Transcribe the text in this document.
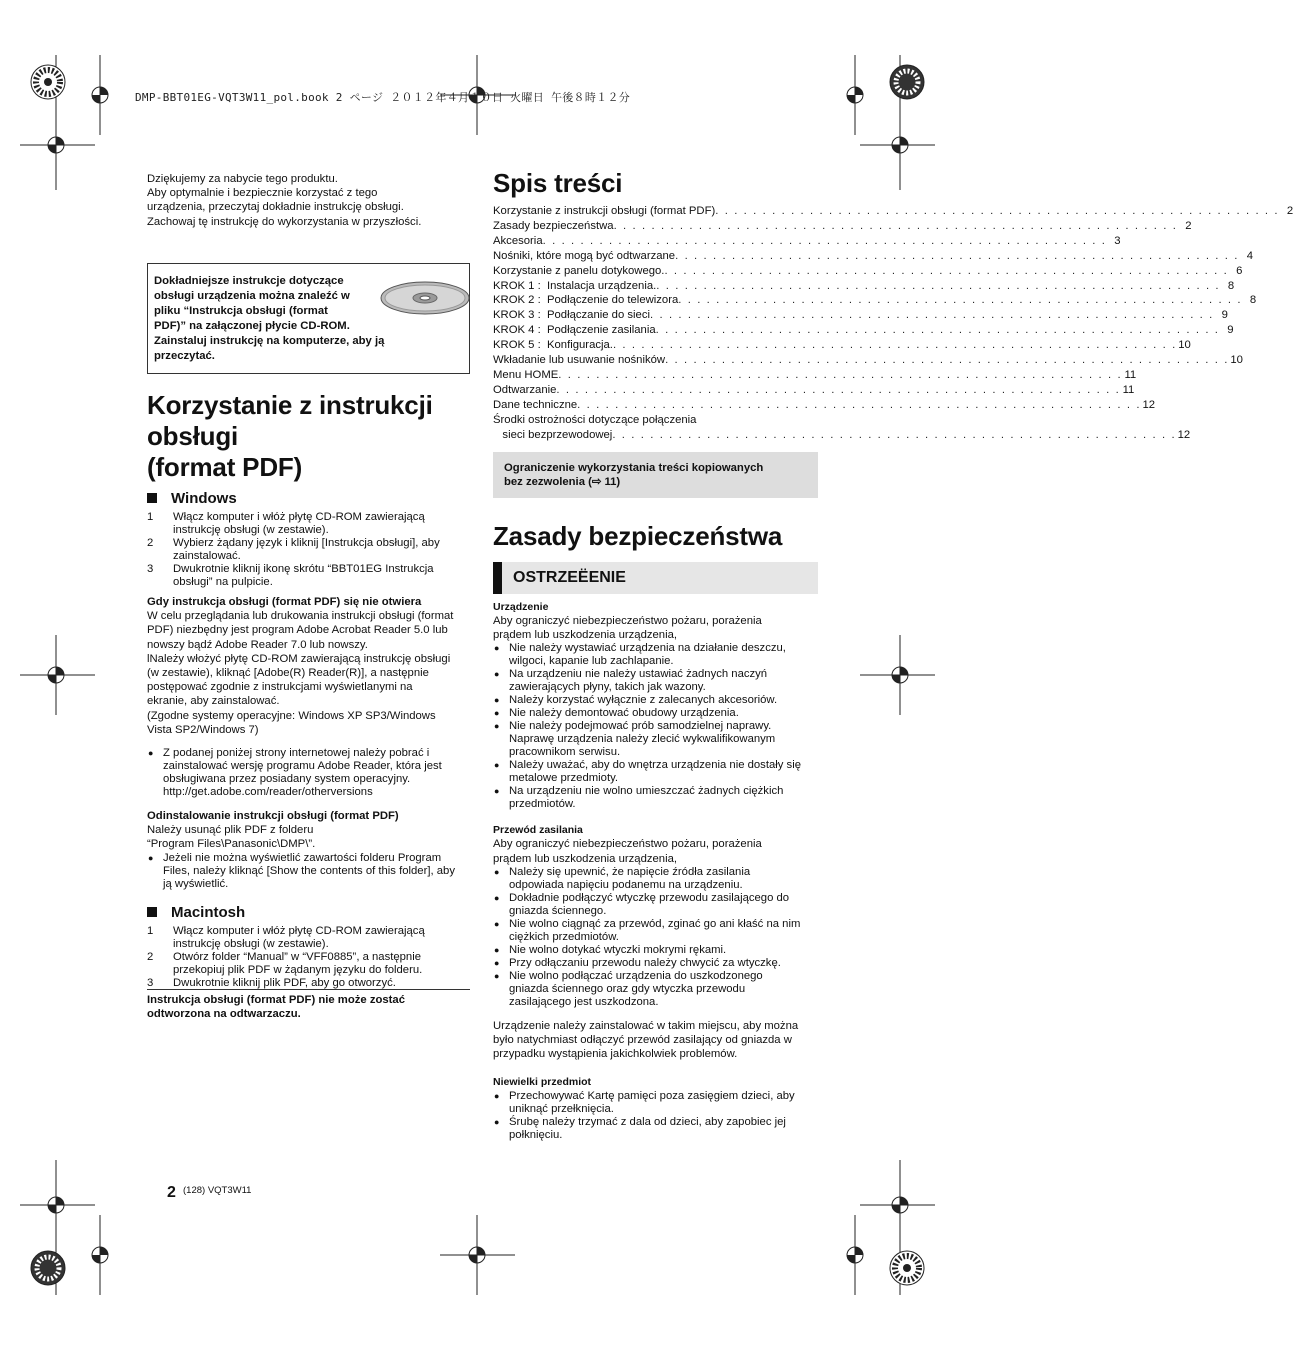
DMP-BBT01EG-VQT3W11_pol.book 2 ページ ２０１２年４月１０日 火曜日 午後８時１２分

Dziękujemy za nabycie tego produktu.

Aby optymalnie i bezpiecznie korzystać z tego

urządzenia, przeczytaj dokładnie instrukcję obsługi.

Zachowaj tę instrukcję do wykorzystania w przyszłości.

Dokładniejsze instrukcje dotyczące
obsługi urządzenia można znaleźć w
pliku “Instrukcja obsługi (format
PDF)” na załączonej płycie CD-ROM.
Zainstaluj instrukcję na komputerze, aby ją
przeczytać.
Korzystanie z instrukcji
obsługi
(format PDF)
Windows
1 Włącz komputer i włóż płytę CD-ROM zawierającą
instrukcję obsługi (w zestawie).
2 Wybierz żądany język i kliknij [Instrukcja obsługi], aby
zainstalować.
3 Dwukrotnie kliknij ikonę skrótu “BBT01EG Instrukcja
obsługi” na pulpicie.

Gdy instrukcja obsługi (format PDF) się nie otwiera

W celu przeglądania lub drukowania instrukcji obsługi (format

PDF) niezbędny jest program Adobe Acrobat Reader 5.0 lub

nowszy bądź Adobe Reader 7.0 lub nowszy.

lNależy włożyć płytę CD-ROM zawierającą instrukcję obsługi

(w zestawie), kliknąć [Adobe(R) Reader(R)], a następnie

postępować zgodnie z instrukcjami wyświetlanymi na

ekranie, aby zainstalować.

(Zgodne systemy operacyjne: Windows XP SP3/Windows

Vista SP2/Windows 7)

● Z podanej poniżej strony internetowej należy pobrać i
zainstalować wersję programu Adobe Reader, która jest
obsługiwana przez posiadany system operacyjny.
http://get.adobe.com/reader/otherversions

Odinstalowanie instrukcji obsługi (format PDF)

Należy usunąć plik PDF z folderu

“Program Files\Panasonic\DMP\”.

● Jeżeli nie można wyświetlić zawartości folderu Program
Files, należy kliknąć [Show the contents of this folder], aby
ją wyświetlić.
Macintosh
1 Włącz komputer i włóż płytę CD-ROM zawierającą
instrukcję obsługi (w zestawie).
2 Otwórz folder “Manual” w “VFF0885”, a następnie
przekopiuj plik PDF w żądanym języku do folderu.
3 Dwukrotnie kliknij plik PDF, aby go otworzyć.

Instrukcja obsługi (format PDF) nie może zostać

odtworzona na odtwarzaczu.

Spis treści
Korzystanie z instrukcji obsługi (format PDF) . . . . . . . . . . . . . . . . . . . . . . . . . . . . . . . . . . . . . . . . . . . . . . . . . . . . . . . . . . . . 2
Zasady bezpieczeństwa . . . . . . . . . . . . . . . . . . . . . . . . . . . . . . . . . . . . . . . . . . . . . . . . . . . . . . . . . . . . 2
Akcesoria . . . . . . . . . . . . . . . . . . . . . . . . . . . . . . . . . . . . . . . . . . . . . . . . . . . . . . . . . . . . 3
Nośniki, które mogą być odtwarzane . . . . . . . . . . . . . . . . . . . . . . . . . . . . . . . . . . . . . . . . . . . . . . . . . . . . . . . . . . . . 4
Korzystanie z panelu dotykowego. . . . . . . . . . . . . . . . . . . . . . . . . . . . . . . . . . . . . . . . . . . . . . . . . . . . . . . . . . . . . 6
KROK 1 :  Instalacja urządzenia. . . . . . . . . . . . . . . . . . . . . . . . . . . . . . . . . . . . . . . . . . . . . . . . . . . . . . . . . . . . . 8
KROK 2 :  Podłączenie do telewizora . . . . . . . . . . . . . . . . . . . . . . . . . . . . . . . . . . . . . . . . . . . . . . . . . . . . . . . . . . . . 8
KROK 3 :  Podłączanie do sieci . . . . . . . . . . . . . . . . . . . . . . . . . . . . . . . . . . . . . . . . . . . . . . . . . . . . . . . . . . . . 9
KROK 4 :  Podłączenie zasilania . . . . . . . . . . . . . . . . . . . . . . . . . . . . . . . . . . . . . . . . . . . . . . . . . . . . . . . . . . . . 9
KROK 5 :  Konfiguracja. . . . . . . . . . . . . . . . . . . . . . . . . . . . . . . . . . . . . . . . . . . . . . . . . . . . . . . . . . . . . 10
Wkładanie lub usuwanie nośników . . . . . . . . . . . . . . . . . . . . . . . . . . . . . . . . . . . . . . . . . . . . . . . . . . . . . . . . . . . . 10
Menu HOME . . . . . . . . . . . . . . . . . . . . . . . . . . . . . . . . . . . . . . . . . . . . . . . . . . . . . . . . . . . . 11
Odtwarzanie . . . . . . . . . . . . . . . . . . . . . . . . . . . . . . . . . . . . . . . . . . . . . . . . . . . . . . . . . . . . 11
Dane techniczne . . . . . . . . . . . . . . . . . . . . . . . . . . . . . . . . . . . . . . . . . . . . . . . . . . . . . . . . . . . . 12
Środki ostrożności dotyczące połączenia
sieci bezprzewodowej . . . . . . . . . . . . . . . . . . . . . . . . . . . . . . . . . . . . . . . . . . . . . . . . . . . . . . . . . . . . 12
Ograniczenie wykorzystania treści kopiowanych
bez zezwolenia (⇨ 11)
Zasady bezpieczeństwa
OSTRZEËENIE

Urządzenie

Aby ograniczyć niebezpieczeństwo pożaru, porażenia

prądem lub uszkodzenia urządzenia,

● Nie należy wystawiać urządzenia na działanie deszczu,
wilgoci, kapanie lub zachlapanie.
● Na urządzeniu nie należy ustawiać żadnych naczyń
zawierających płyny, takich jak wazony.
● Należy korzystać wyłącznie z zalecanych akcesoriów.
● Nie należy demontować obudowy urządzenia.
● Nie należy podejmować prób samodzielnej naprawy.
Naprawę urządzenia należy zlecić wykwalifikowanym
pracownikom serwisu.
● Należy uważać, aby do wnętrza urządzenia nie dostały się
metalowe przedmioty.
● Na urządzeniu nie wolno umieszczać żadnych ciężkich
przedmiotów.

Przewód zasilania

Aby ograniczyć niebezpieczeństwo pożaru, porażenia

prądem lub uszkodzenia urządzenia,

● Należy się upewnić, że napięcie źródła zasilania
odpowiada napięciu podanemu na urządzeniu.
● Dokładnie podłączyć wtyczkę przewodu zasilającego do
gniazda ściennego.
● Nie wolno ciągnąć za przewód, zginać go ani kłaść na nim
ciężkich przedmiotów.
● Nie wolno dotykać wtyczki mokrymi rękami.
● Przy odłączaniu przewodu należy chwycić za wtyczkę.
● Nie wolno podłączać urządzenia do uszkodzonego
gniazda ściennego oraz gdy wtyczka przewodu
zasilającego jest uszkodzona.

Urządzenie należy zainstalować w takim miejscu, aby można

było natychmiast odłączyć przewód zasilający od gniazda w

przypadku wystąpienia jakichkolwiek problemów.

Niewielki przedmiot

● Przechowywać Kartę pamięci poza zasięgiem dzieci, aby
uniknąć przełknięcia.
● Śrubę należy trzymać z dala od dzieci, aby zapobiec jej
połknięciu.
2 (128) VQT3W11
